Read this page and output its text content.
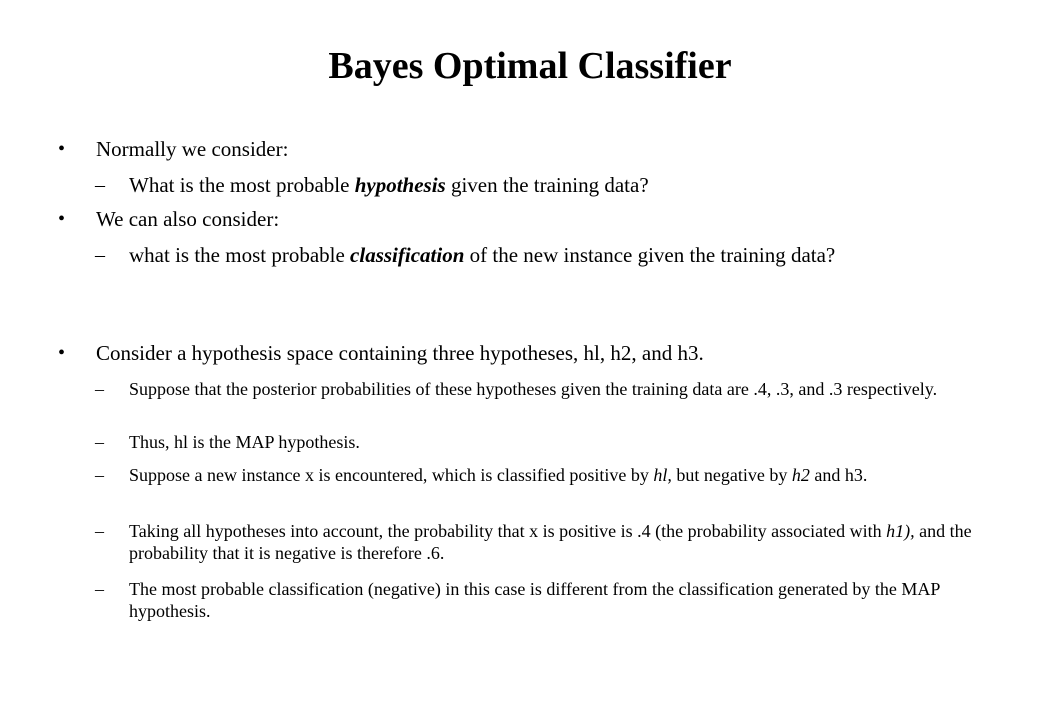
Bayes Optimal Classifier
•	Normally we consider:
–	What is the most probable hypothesis given the training data?
•	We can also consider:
–	what is the most probable classification of the new instance given the training data?
•	Consider a hypothesis space containing three hypotheses, hl, h2, and h3.
–	Suppose that the posterior probabilities of these hypotheses given the training data are .4, .3, and .3 respectively.
–	Thus, hl is the MAP hypothesis.
–	Suppose a new instance x is encountered, which is classified positive by hl, but negative by h2 and h3.
–	Taking all hypotheses into account, the probability that x is positive is .4 (the probability associated with h1), and the probability that it is negative is therefore .6.
–	The most probable classification (negative) in this case is different from the classification generated by the MAP hypothesis.
